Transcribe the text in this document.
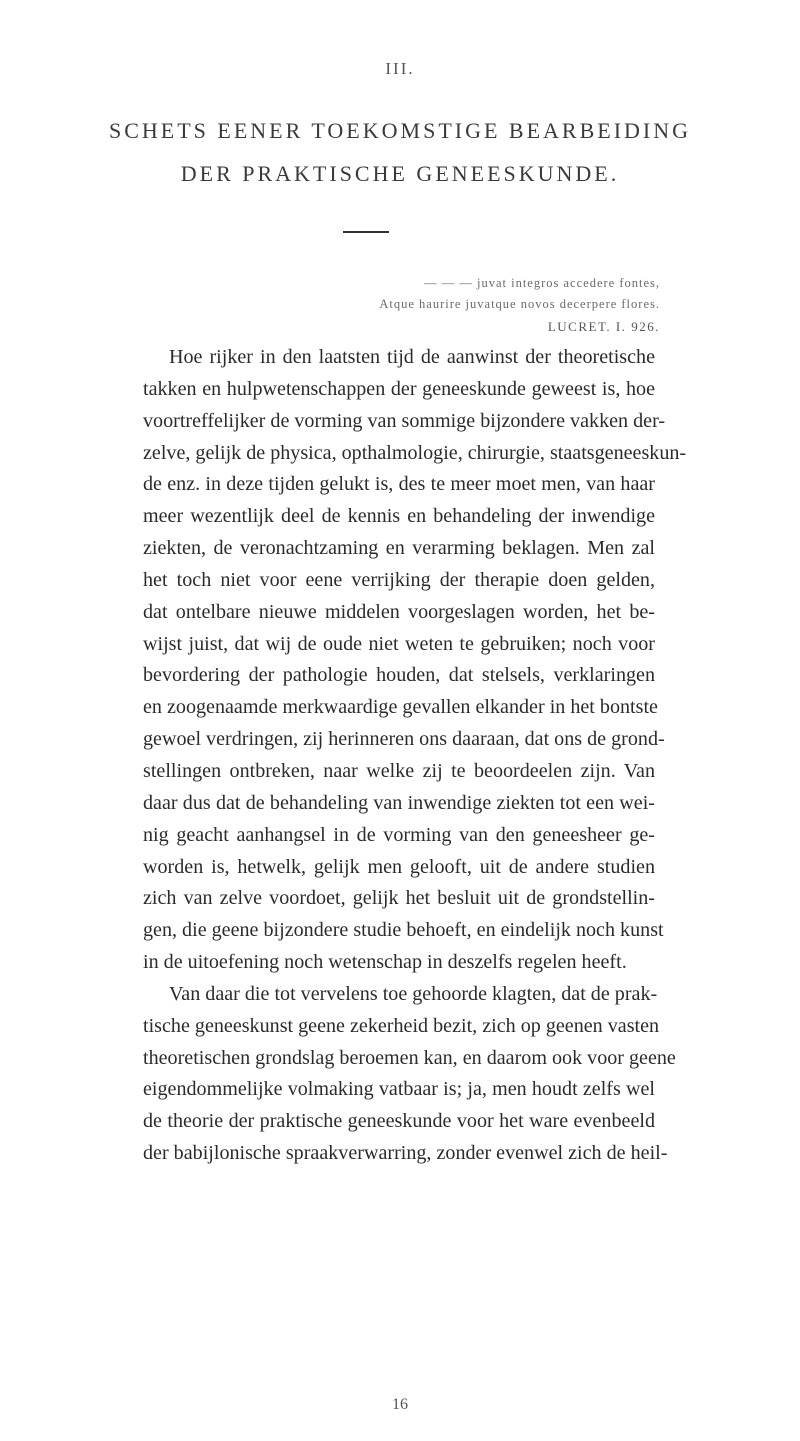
III.
SCHETS EENER TOEKOMSTIGE BEARBEIDING
DER PRAKTISCHE GENEESKUNDE.
— — — juvat integros accedere fontes,
Atque haurire juvatque novos decerpere flores.
LUCRET. I. 926.
Hoe rijker in den laatsten tijd de aanwinst der theoretische
takken en hulpwetenschappen der geneeskunde geweest is, hoe
voortreffelijker de vorming van sommige bijzondere vakken der-
zelve, gelijk de physica, opthalmologie, chirurgie, staatsgeneeskun-
de enz. in deze tijden gelukt is, des te meer moet men, van haar
meer wezentlijk deel de kennis en behandeling der inwendige
ziekten, de veronachtzaming en verarming beklagen. Men zal
het toch niet voor eene verrijking der therapie doen gelden,
dat ontelbare nieuwe middelen voorgeslagen worden, het be-
wijst juist, dat wij de oude niet weten te gebruiken; noch voor
bevordering der pathologie houden, dat stelsels, verklaringen
en zoogenaamde merkwaardige gevallen elkander in het bontste
gewoel verdringen, zij herinneren ons daaraan, dat ons de grond-
stellingen ontbreken, naar welke zij te beoordeelen zijn. Van
daar dus dat de behandeling van inwendige ziekten tot een wei-
nig geacht aanhangsel in de vorming van den geneesheer ge-
worden is, hetwelk, gelijk men gelooft, uit de andere studien
zich van zelve voordoet, gelijk het besluit uit de grondstellin-
gen, die geene bijzondere studie behoeft, en eindelijk noch kunst
in de uitoefening noch wetenschap in deszelfs regelen heeft.
Van daar die tot vervelens toe gehoorde klagten, dat de prak-
tische geneeskunst geene zekerheid bezit, zich op geenen vasten
theoretischen grondslag beroemen kan, en daarom ook voor geene
eigendommelijke volmaking vatbaar is; ja, men houdt zelfs wel
de theorie der praktische geneeskunde voor het ware evenbeeld
der babijlonische spraakverwarring, zonder evenwel zich de heil-
16
